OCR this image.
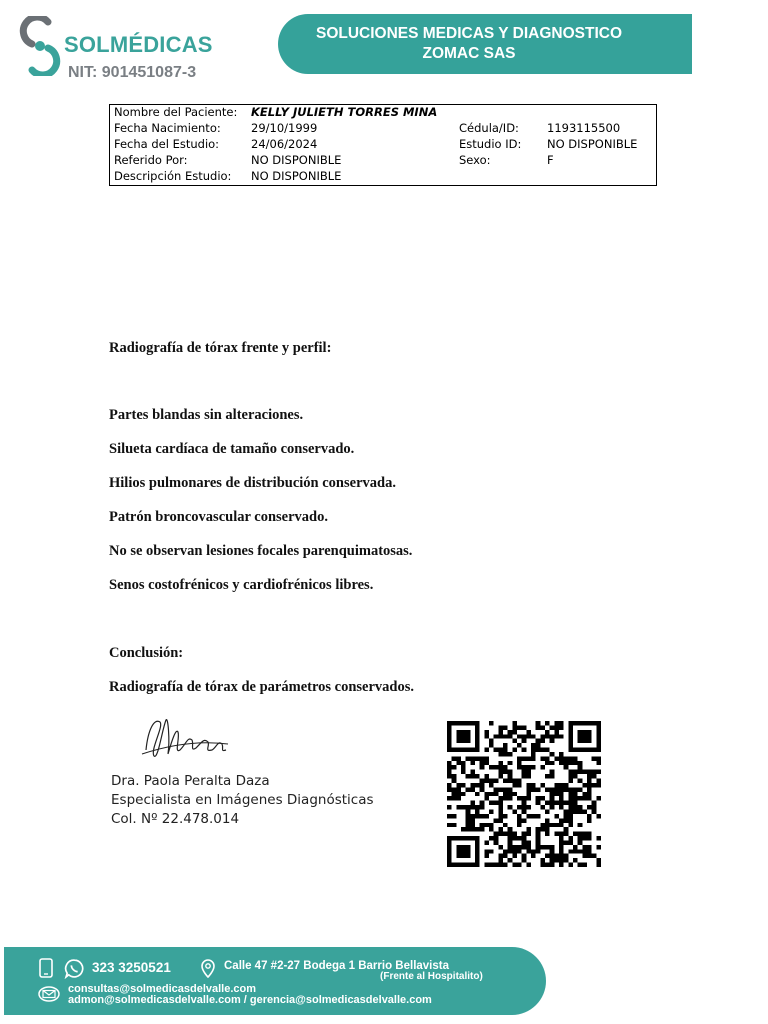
SOLMÉDICAS
NIT: 901451087-3
SOLUCIONES MEDICAS Y DIAGNOSTICO
ZOMAC SAS
Nombre del Paciente: KELLY JULIETH TORRES MINA
Fecha Nacimiento:	29/10/1999	Cédula/ID: 1193115500
Fecha del Estudio:	24/06/2024	Estudio ID: NO DISPONIBLE
Referido Por:	NO DISPONIBLE	Sexo:	F
Descripción Estudio: NO DISPONIBLE
Radiografía de tórax frente y perfil:
Partes blandas sin alteraciones.
Silueta cardíaca de tamaño conservado.
Hilios pulmonares de distribución conservada.
Patrón broncovascular conservado.
No se observan lesiones focales parenquimatosas.
Senos costofrénicos y cardiofrénicos libres.
Conclusión:
Radiografía de tórax de parámetros conservados.
Dra. Paola Peralta Daza
Especialista en Imágenes Diagnósticas
Col. Nº 22.478.014
323 3250521	Calle 47 #2-27 Bodega 1 Barrio Bellavista
(Frente al Hospitalito)
consultas@solmedicasdelvalle.com
admon@solmedicasdelvalle.com / gerencia@solmedicasdelvalle.com
